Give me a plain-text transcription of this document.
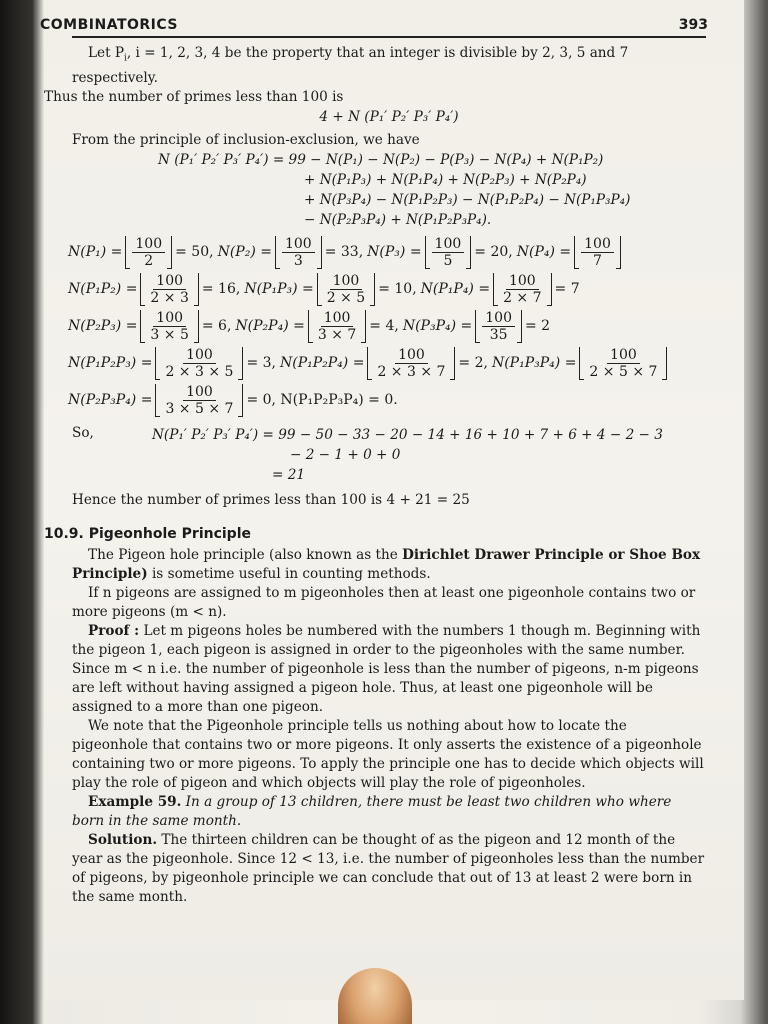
COMBINATORICS	393

Let $P_i$, i = 1, 2, 3, 4 be the property that an integer is divisible by 2, 3, 5 and 7 respectively.

Thus the number of primes less than 100 is

4 + N (P₁′ P₂′ P₃′ P₄′)

From the principle of inclusion-exclusion, we have

N (P₁′ P₂′ P₃′ P₄′) = 99 − N(P₁) − N(P₂) − P(P₃) − N(P₄) + N(P₁P₂)
+ N(P₁P₃) + N(P₁P₄) + N(P₂P₃) + N(P₂P₄)
+ N(P₃P₄) − N(P₁P₂P₃) − N(P₁P₂P₄) − N(P₁P₃P₄)
− N(P₂P₃P₄) + N(P₁P₂P₃P₄).
$N(P_1) = \frac{100}{2} = 50$, $N(P_2) = \frac{100}{3} = 33$, $N(P_3) = \frac{100}{5} = 20$, $N(P_4) = \frac{100}{7}$
$N(P_1P_2) = \frac{100}{2 \times 3} = 16$, $N(P_1P_3) = \frac{100}{2 \times 5} = 10$, $N(P_1P_4) = \frac{100}{2 \times 7} = 7$
$N(P_2P_3) = \frac{100}{3 \times 5} = 6$, $N(P_2P_4) = \frac{100}{3 \times 7} = 4$, $N(P_3P_4) = \frac{100}{35} = 2$
$N(P_1P_2P_3) = \frac{100}{2 \times 3 \times 5} = 3$, $N(P_1P_2P_4) = \frac{100}{2 \times 3 \times 7} = 2$, $N(P_1P_3P_4) = \frac{100}{2 \times 5 \times 7}$
$N(P_2P_3P_4) = \frac{100}{3 \times 5 \times 7} = 0$, N(P₁P₂P₃P₄) = 0.
So,	N(P₁′ P₂′ P₃′ P₄′) = 99 − 50 − 33 − 20 − 14 + 16 + 10 + 7 + 6 + 4 − 2 − 3
− 2 − 1 + 0 + 0
= 21

Hence the number of primes less than 100 is 4 + 21 = 25

10.9. Pigeonhole Principle

The Pigeon hole principle (also known as the Dirichlet Drawer Principle or Shoe Box Principle) is sometime useful in counting methods.

If n pigeons are assigned to m pigeonholes then at least one pigeonhole contains two or more pigeons (m < n).

Proof : Let m pigeons holes be numbered with the numbers 1 though m. Beginning with the pigeon 1, each pigeon is assigned in order to the pigeonholes with the same number. Since m < n i.e. the number of pigeonhole is less than the number of pigeons, n-m pigeons are left without having assigned a pigeon hole. Thus, at least one pigeonhole will be assigned to a more than one pigeon.

We note that the Pigeonhole principle tells us nothing about how to locate the pigeonhole that contains two or more pigeons. It only asserts the existence of a pigeonhole containing two or more pigeons. To apply the principle one has to decide which objects will play the role of pigeon and which objects will play the role of pigeonholes.

Example 59. In a group of 13 children, there must be least two children who where born in the same month.

Solution. The thirteen children can be thought of as the pigeon and 12 month of the year as the pigeonhole. Since 12 < 13, i.e. the number of pigeonholes less than the number of pigeons, by pigeonhole principle we can conclude that out of 13 at least 2 were born in the same month.
